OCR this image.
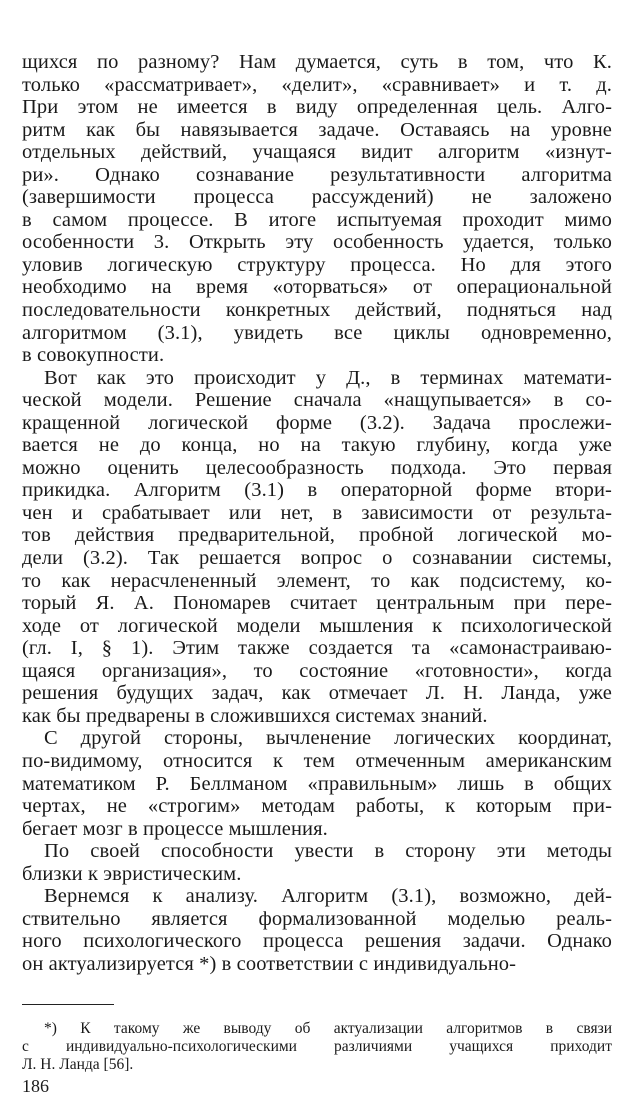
щихся по разному? Нам думается, суть в том, что К.
только «рассматривает», «делит», «сравнивает» и т. д.
При этом не имеется в виду определенная цель. Алго-
ритм как бы навязывается задаче. Оставаясь на уровне
отдельных действий, учащаяся видит алгоритм «изнут-
ри». Однако сознавание результативности алгоритма
(завершимости процесса рассуждений) не заложено
в самом процессе. В итоге испытуемая проходит мимо
особенности 3. Открыть эту особенность удается, только
уловив логическую структуру процесса. Но для этого
необходимо на время «оторваться» от операциональной
последовательности конкретных действий, подняться над
алгоритмом (3.1), увидеть все циклы одновременно,
в совокупности.
Вот как это происходит у Д., в терминах математи-
ческой модели. Решение сначала «нащупывается» в со-
кращенной логической форме (3.2). Задача прослежи-
вается не до конца, но на такую глубину, когда уже
можно оценить целесообразность подхода. Это первая
прикидка. Алгоритм (3.1) в операторной форме втори-
чен и срабатывает или нет, в зависимости от результа-
тов действия предварительной, пробной логической мо-
дели (3.2). Так решается вопрос о сознавании системы,
то как нерасчлененный элемент, то как подсистему, ко-
торый Я. А. Пономарев считает центральным при пере-
ходе от логической модели мышления к психологической
(гл. I, § 1). Этим также создается та «самонастраиваю-
щаяся организация», то состояние «готовности», когда
решения будущих задач, как отмечает Л. Н. Ланда, уже
как бы предварены в сложившихся системах знаний.
С другой стороны, вычленение логических координат,
по-видимому, относится к тем отмеченным американским
математиком Р. Беллманом «правильным» лишь в общих
чертах, не «строгим» методам работы, к которым при-
бегает мозг в процессе мышления.
По своей способности увести в сторону эти методы
близки к эвристическим.
Вернемся к анализу. Алгоритм (3.1), возможно, дей-
ствительно является формализованной моделью реаль-
ного психологического процесса решения задачи. Однако
он актуализируется *) в соответствии с индивидуально-
*) К такому же выводу об актуализации алгоритмов в связи
с индивидуально-психологическими различиями учащихся приходит
Л. Н. Ланда [56].
186
